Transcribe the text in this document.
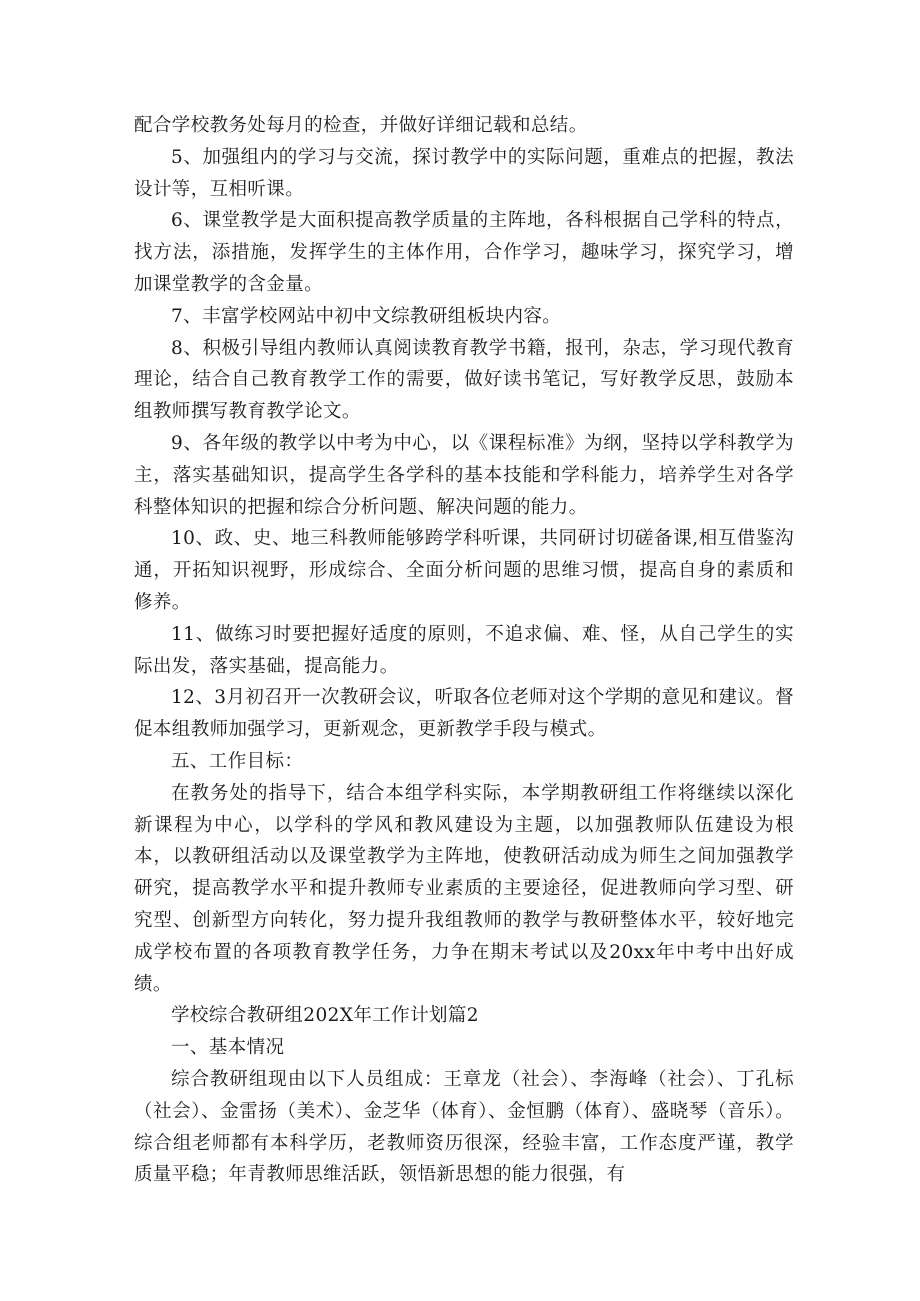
配合学校教务处每月的检查，并做好详细记载和总结。

5、加强组内的学习与交流，探讨教学中的实际问题，重难点的把握，教法设计等，互相听课。

6、课堂教学是大面积提高教学质量的主阵地，各科根据自己学科的特点，找方法，添措施，发挥学生的主体作用，合作学习，趣味学习，探究学习，增加课堂教学的含金量。

7、丰富学校网站中初中文综教研组板块内容。

8、积极引导组内教师认真阅读教育教学书籍，报刊，杂志，学习现代教育理论，结合自己教育教学工作的需要，做好读书笔记，写好教学反思，鼓励本组教师撰写教育教学论文。

9、各年级的教学以中考为中心，以《课程标准》为纲，坚持以学科教学为主，落实基础知识，提高学生各学科的基本技能和学科能力，培养学生对各学科整体知识的把握和综合分析问题、解决问题的能力。

10、政、史、地三科教师能够跨学科听课，共同研讨切磋备课,相互借鉴沟通，开拓知识视野，形成综合、全面分析问题的思维习惯，提高自身的素质和修养。

11、做练习时要把握好适度的原则，不追求偏、难、怪，从自己学生的实际出发，落实基础，提高能力。

12、3月初召开一次教研会议，听取各位老师对这个学期的意见和建议。督促本组教师加强学习，更新观念，更新教学手段与模式。

五、工作目标：

在教务处的指导下，结合本组学科实际，本学期教研组工作将继续以深化新课程为中心，以学科的学风和教风建设为主题，以加强教师队伍建设为根本，以教研组活动以及课堂教学为主阵地，使教研活动成为师生之间加强教学研究，提高教学水平和提升教师专业素质的主要途径，促进教师向学习型、研究型、创新型方向转化，努力提升我组教师的教学与教研整体水平，较好地完成学校布置的各项教育教学任务，力争在期末考试以及20xx年中考中出好成绩。

学校综合教研组202X年工作计划篇2

一、基本情况

综合教研组现由以下人员组成：王章龙（社会）、李海峰（社会）、丁孔标（社会）、金雷扬（美术）、金芝华（体育）、金恒鹏（体育）、盛晓琴（音乐）。综合组老师都有本科学历，老教师资历很深，经验丰富，工作态度严谨，教学质量平稳；年青教师思维活跃，领悟新思想的能力很强，有
